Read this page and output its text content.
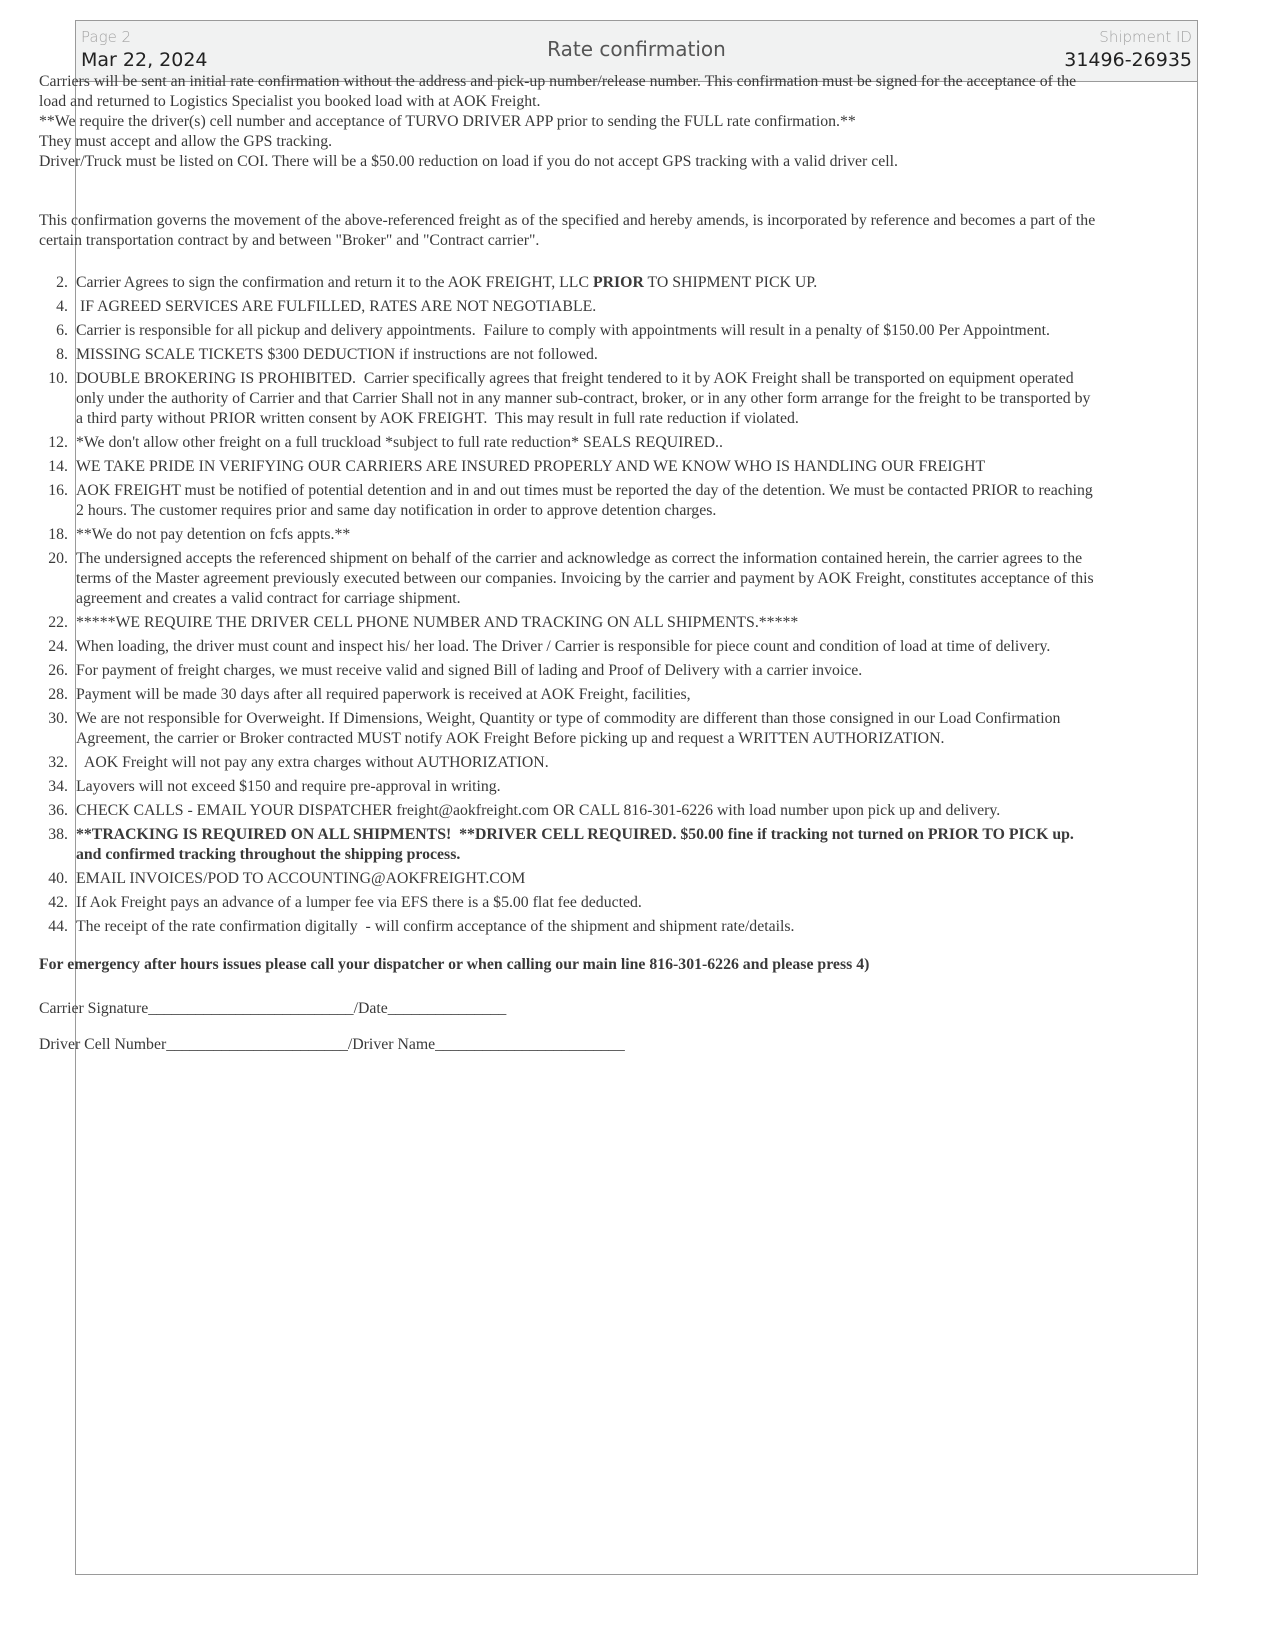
Page 2
Mar 22, 2024	Rate confirmation	Shipment ID
31496-26935

Carriers will be sent an initial rate confirmation without the address and pick-up number/release number. This confirmation must be signed for the acceptance of the load and returned to Logistics Specialist you booked load with at AOK Freight.

**We require the driver(s) cell number and acceptance of TURVO DRIVER APP prior to sending the FULL rate confirmation.**

They must accept and allow the GPS tracking.

Driver/Truck must be listed on COI. There will be a $50.00 reduction on load if you do not accept GPS tracking with a valid driver cell.

This confirmation governs the movement of the above-referenced freight as of the specified and hereby amends, is incorporated by reference and becomes a part of the certain transportation contract by and between "Broker" and "Contract carrier".

2. Carrier Agrees to sign the confirmation and return it to the AOK FREIGHT, LLC PRIOR TO SHIPMENT PICK UP.
4. IF AGREED SERVICES ARE FULFILLED, RATES ARE NOT NEGOTIABLE.
6. Carrier is responsible for all pickup and delivery appointments.  Failure to comply with appointments will result in a penalty of $150.00 Per Appointment.
8. MISSING SCALE TICKETS $300 DEDUCTION if instructions are not followed.
10. DOUBLE BROKERING IS PROHIBITED.  Carrier specifically agrees that freight tendered to it by AOK Freight shall be transported on equipment operated only under the authority of Carrier and that Carrier Shall not in any manner sub-contract, broker, or in any other form arrange for the freight to be transported by a third party without PRIOR written consent by AOK FREIGHT.  This may result in full rate reduction if violated.
12. *We don't allow other freight on a full truckload *subject to full rate reduction* SEALS REQUIRED..
14. WE TAKE PRIDE IN VERIFYING OUR CARRIERS ARE INSURED PROPERLY AND WE KNOW WHO IS HANDLING OUR FREIGHT
16. AOK FREIGHT must be notified of potential detention and in and out times must be reported the day of the detention. We must be contacted PRIOR to reaching 2 hours. The customer requires prior and same day notification in order to approve detention charges.
18. **We do not pay detention on fcfs appts.**
20. The undersigned accepts the referenced shipment on behalf of the carrier and acknowledge as correct the information contained herein, the carrier agrees to the terms of the Master agreement previously executed between our companies. Invoicing by the carrier and payment by AOK Freight, constitutes acceptance of this agreement and creates a valid contract for carriage shipment.
22. *****WE REQUIRE THE DRIVER CELL PHONE NUMBER AND TRACKING ON ALL SHIPMENTS.*****
24. When loading, the driver must count and inspect his/ her load. The Driver / Carrier is responsible for piece count and condition of load at time of delivery.
26. For payment of freight charges, we must receive valid and signed Bill of lading and Proof of Delivery with a carrier invoice.
28. Payment will be made 30 days after all required paperwork is received at AOK Freight, facilities,
30. We are not responsible for Overweight. If Dimensions, Weight, Quantity or type of commodity are different than those consigned in our Load Confirmation Agreement, the carrier or Broker contracted MUST notify AOK Freight Before picking up and request a WRITTEN AUTHORIZATION.
32. AOK Freight will not pay any extra charges without AUTHORIZATION.
34. Layovers will not exceed $150 and require pre-approval in writing.
36. CHECK CALLS - EMAIL YOUR DISPATCHER freight@aokfreight.com OR CALL 816-301-6226 with load number upon pick up and delivery.
38. **TRACKING IS REQUIRED ON ALL SHIPMENTS!  **DRIVER CELL REQUIRED. $50.00 fine if tracking not turned on PRIOR TO PICK up. and confirmed tracking throughout the shipping process.
40. EMAIL INVOICES/POD TO ACCOUNTING@AOKFREIGHT.COM
42. If Aok Freight pays an advance of a lumper fee via EFS there is a $5.00 flat fee deducted.
44. The receipt of the rate confirmation digitally  - will confirm acceptance of the shipment and shipment rate/details.

For emergency after hours issues please call your dispatcher or when calling our main line 816-301-6226 and please press 4)

Carrier Signature__________________________/Date_______________

Driver Cell Number_______________________/Driver Name________________________
